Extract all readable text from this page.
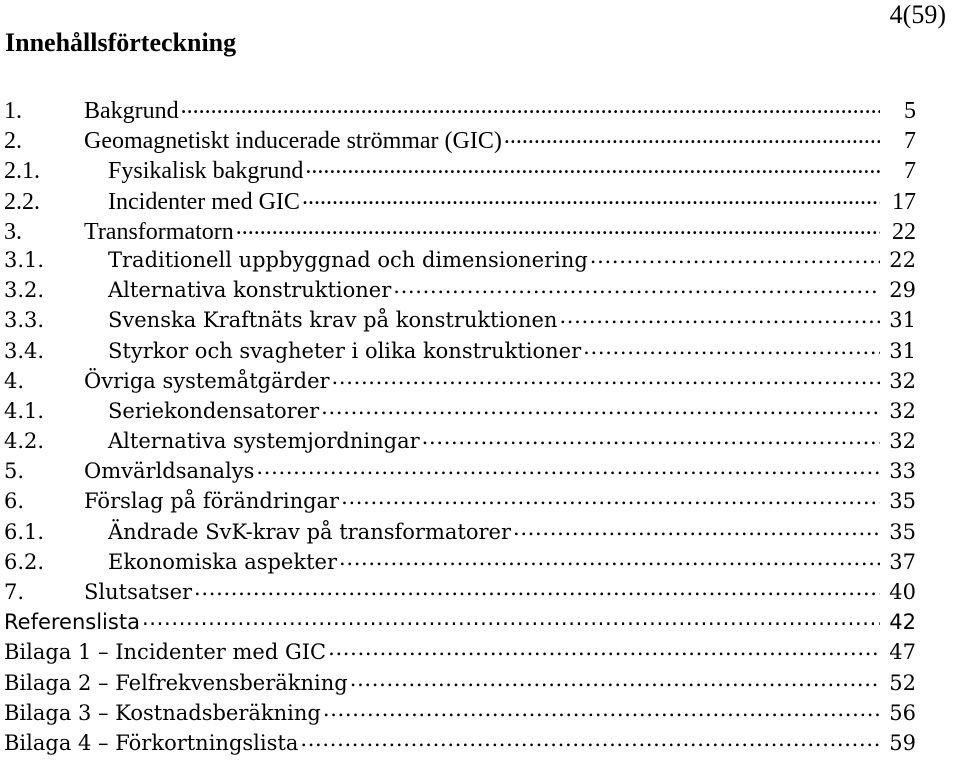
4(59)
Innehållsförteckning
1.	Bakgrund . . .	5
2.	Geomagnetiskt inducerade strömmar (GIC) . . .	7
2.1.	Fysikalisk bakgrund . . .	7
2.2.	Incidenter med GIC . . .	17
3.	Transformatorn . . .	22
3.1.	Traditionell uppbyggnad och dimensionering . . .	22
3.2.	Alternativa konstruktioner . . .	29
3.3.	Svenska Kraftnäts krav på konstruktionen . . .	31
3.4.	Styrkor och svagheter i olika konstruktioner . . .	31
4.	Övriga systemåtgärder . . .	32
4.1.	Seriekondensatorer . . .	32
4.2.	Alternativa systemjordningar . . .	32
5.	Omvärldsanalys . . .	33
6.	Förslag på förändringar . . .	35
6.1.	Ändrade SvK-krav på transformatorer . . .	35
6.2.	Ekonomiska aspekter . . .	37
7.	Slutsatser . . .	40
Referenslista . . .	42
Bilaga 1 – Incidenter med GIC . . .	47
Bilaga 2 – Felfrekvensberäkning . . .	52
Bilaga 3 – Kostnadsberäkning . . .	56
Bilaga 4 – Förkortningslista . . .	59
